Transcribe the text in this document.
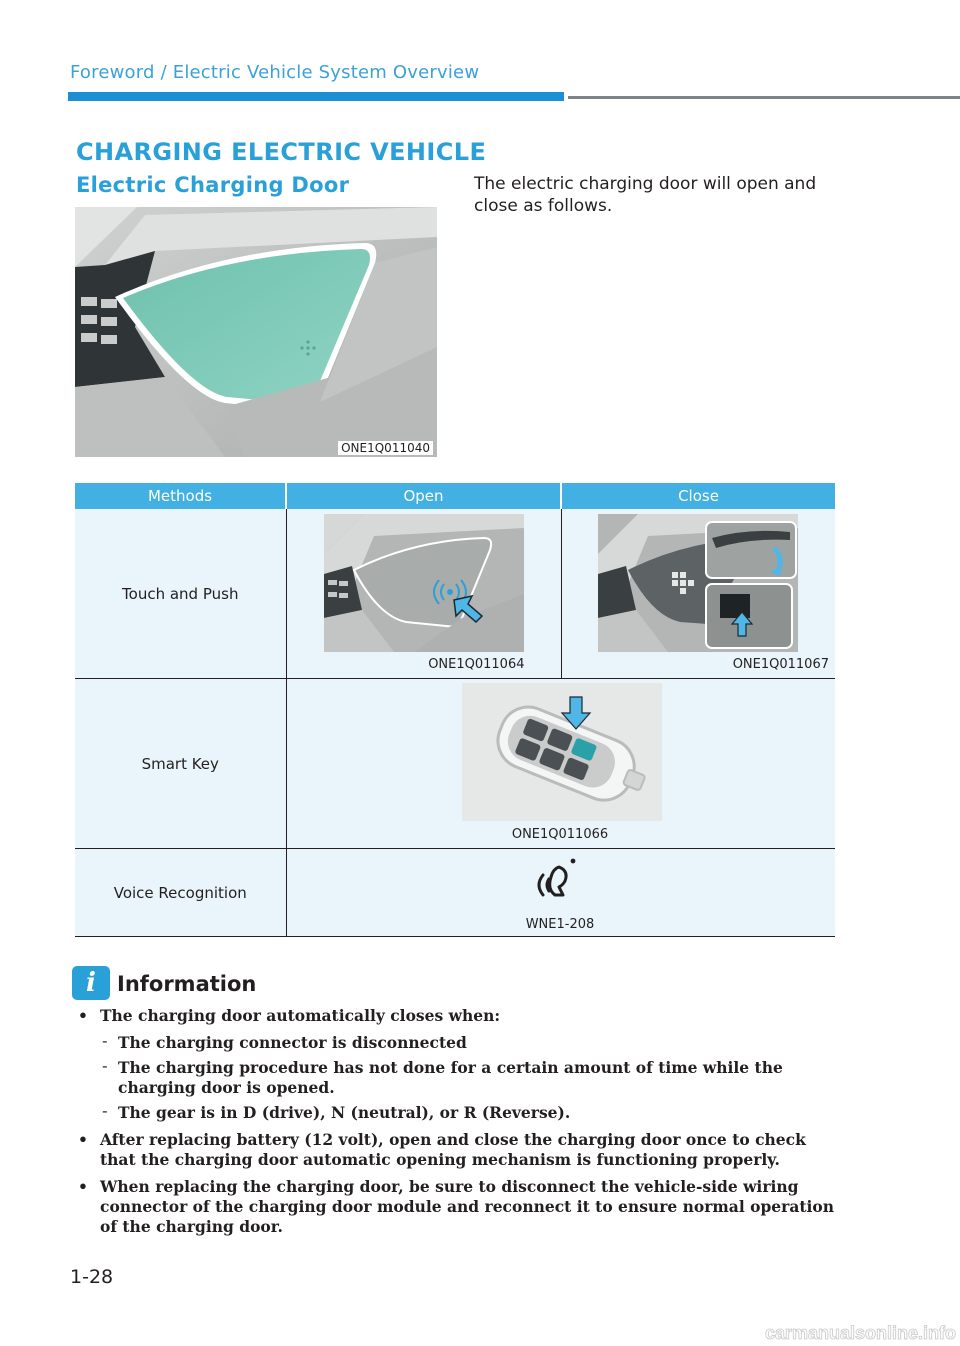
Foreword / Electric Vehicle System Overview
CHARGING ELECTRIC VEHICLE
Electric Charging Door	The electric charging door will open and close as follows.
ONE1Q011040
Methods	Open	Close
Touch and Push	ONE1Q011064	ONE1Q011067

Smart Key	ONE1Q011066	

Voice Recognition	WNE1-208	
i	Information
• The charging door automatically closes when:
- The charging connector is disconnected
- The charging procedure has not done for a certain amount of time while the charging door is opened.
- The gear is in D (drive), N (neutral), or R (Reverse).
• After replacing battery (12 volt), open and close the charging door once to check that the charging door automatic opening mechanism is functioning properly.
• When replacing the charging door, be sure to disconnect the vehicle-side wiring connector of the charging door module and reconnect it to ensure normal operation of the charging door.
1-28
carmanualsonline.info
